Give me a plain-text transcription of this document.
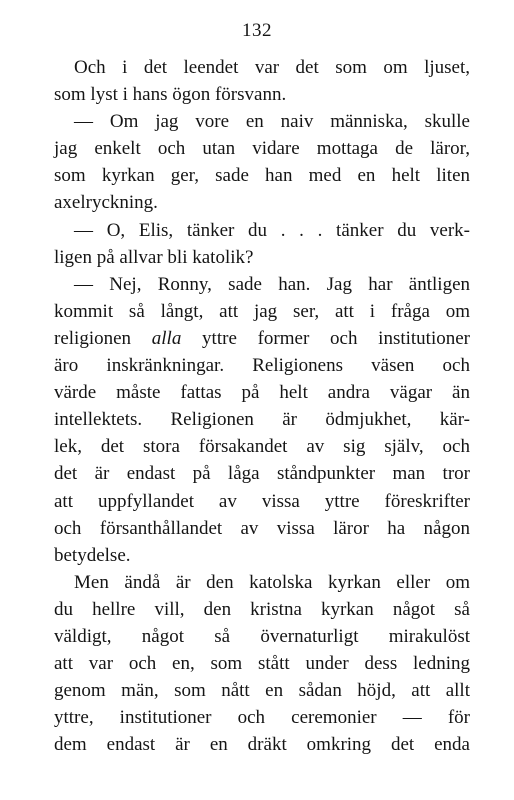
132
Och i det leendet var det som om ljuset,
som lyst i hans ögon försvann.
— Om jag vore en naiv människa, skulle
jag enkelt och utan vidare mottaga de läror,
som kyrkan ger, sade han med en helt liten
axelryckning.
— O, Elis, tänker du . . . tänker du verk-
ligen på allvar bli katolik?
— Nej, Ronny, sade han. Jag har äntligen
kommit så långt, att jag ser, att i fråga om
religionen alla yttre former och institutioner
äro inskränkningar. Religionens väsen och
värde måste fattas på helt andra vägar än
intellektets. Religionen är ödmjukhet, kär-
lek, det stora försakandet av sig själv, och
det är endast på låga ståndpunkter man tror
att uppfyllandet av vissa yttre föreskrifter
och försanthållandet av vissa läror ha någon
betydelse.
Men ändå är den katolska kyrkan eller om
du hellre vill, den kristna kyrkan något så
väldigt, något så övernaturligt mirakulöst
att var och en, som stått under dess ledning
genom män, som nått en sådan höjd, att allt
yttre, institutioner och ceremonier — för
dem endast är en dräkt omkring det enda
